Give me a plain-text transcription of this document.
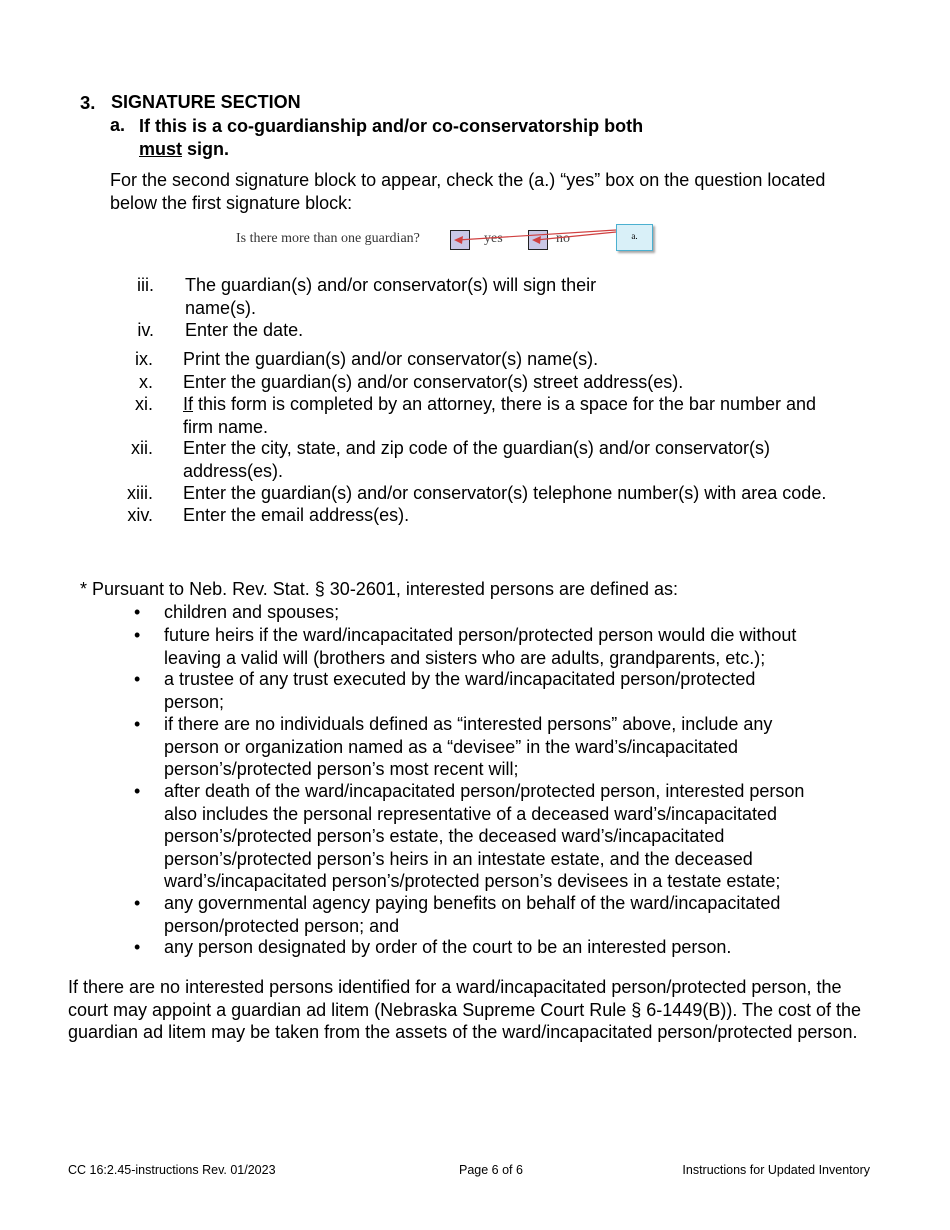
3. SIGNATURE SECTION
a. If this is a co-guardianship and/or co-conservatorship both
must sign.
For the second signature block to appear, check the (a.) “yes” box on the question located below the first signature block:
Is there more than one guardian?	yes	no	a.
iii. The guardian(s) and/or conservator(s) will sign their name(s).
iv. Enter the date.
ix. Print the guardian(s) and/or conservator(s) name(s).
x. Enter the guardian(s) and/or conservator(s) street address(es).
xi. If this form is completed by an attorney, there is a space for the bar number and firm name.
xii. Enter the city, state, and zip code of the guardian(s) and/or conservator(s) address(es).
xiii. Enter the guardian(s) and/or conservator(s) telephone number(s) with area code.
xiv. Enter the email address(es).
* Pursuant to Neb. Rev. Stat. § 30-2601, interested persons are defined as:
• children and spouses;
• future heirs if the ward/incapacitated person/protected person would die without leaving a valid will (brothers and sisters who are adults, grandparents, etc.);
• a trustee of any trust executed by the ward/incapacitated person/protected person;
• if there are no individuals defined as “interested persons” above, include any person or organization named as a “devisee” in the ward’s/incapacitated person’s/protected person’s most recent will;
• after death of the ward/incapacitated person/protected person, interested person also includes the personal representative of a deceased ward’s/incapacitated person’s/protected person’s estate, the deceased ward’s/incapacitated person’s/protected person’s heirs in an intestate estate, and the deceased ward’s/incapacitated person’s/protected person’s devisees in a testate estate;
• any governmental agency paying benefits on behalf of the ward/incapacitated person/protected person; and
• any person designated by order of the court to be an interested person.
If there are no interested persons identified for a ward/incapacitated person/protected person, the court may appoint a guardian ad litem (Nebraska Supreme Court Rule § 6-1449(B)). The cost of the guardian ad litem may be taken from the assets of the ward/incapacitated person/protected person.
CC 16:2.45-instructions Rev. 01/2023	Page 6 of 6	Instructions for Updated Inventory
